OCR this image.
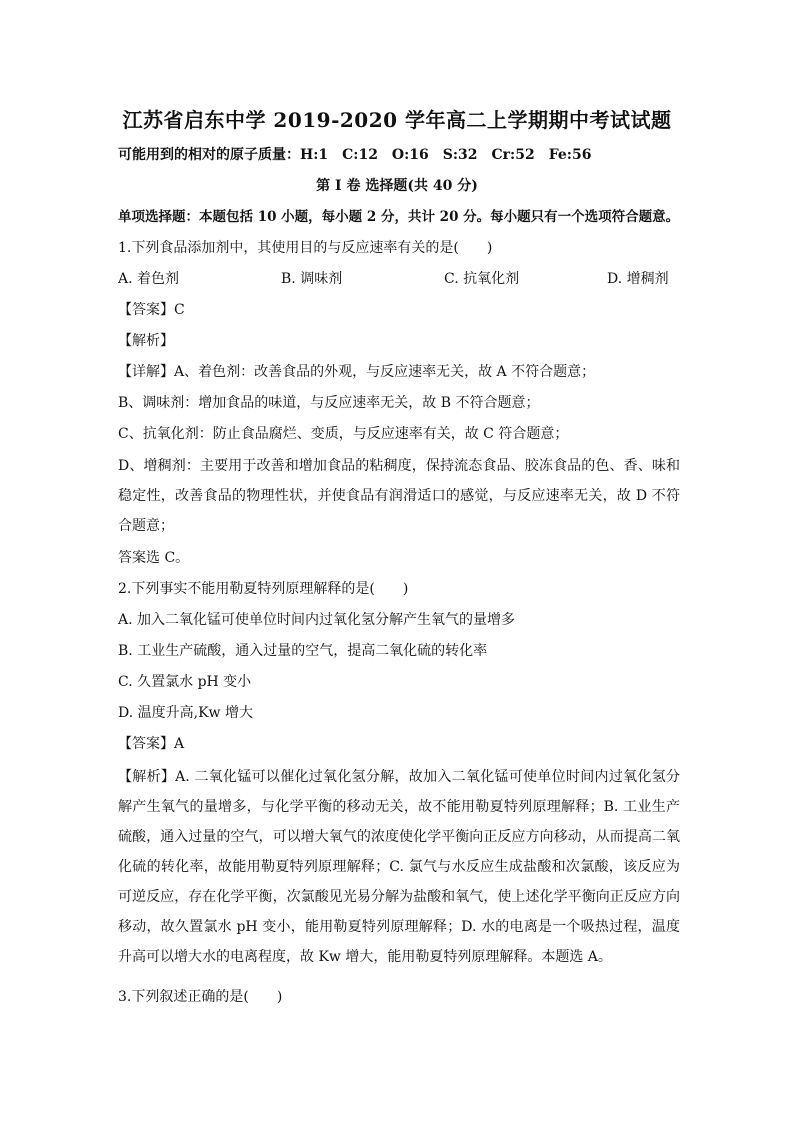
江苏省启东中学 2019-2020 学年高二上学期期中考试试题
可能用到的相对的原子质量：H:1　C:12　O:16　S:32　Cr:52　Fe:56
第 I 卷 选择题(共 40 分)
单项选择题：本题包括 10 小题，每小题 2 分，共计 20 分。每小题只有一个选项符合题意。
1.下列食品添加剂中，其使用目的与反应速率有关的是(　　)
A. 着色剂	B. 调味剂	C. 抗氧化剂	D. 增稠剂
【答案】C
【解析】
【详解】A、着色剂：改善食品的外观，与反应速率无关，故 A 不符合题意；
B、调味剂：增加食品的味道，与反应速率无关，故 B 不符合题意；
C、抗氧化剂：防止食品腐烂、变质，与反应速率有关，故 C 符合题意；
D、增稠剂：主要用于改善和增加食品的粘稠度，保持流态食品、胶冻食品的色、香、味和稳定性，改善食品的物理性状，并使食品有润滑适口的感觉，与反应速率无关，故 D 不符合题意；
答案选 C。
2.下列事实不能用勒夏特列原理解释的是(　　)
A. 加入二氧化锰可使单位时间内过氧化氢分解产生氧气的量增多
B. 工业生产硫酸，通入过量的空气，提高二氧化硫的转化率
C. 久置氯水 pH 变小
D. 温度升高,Kw 增大
【答案】A
【解析】A. 二氧化锰可以催化过氧化氢分解，故加入二氧化锰可使单位时间内过氧化氢分解产生氧气的量增多，与化学平衡的移动无关，故不能用勒夏特列原理解释；B. 工业生产硫酸，通入过量的空气，可以增大氧气的浓度使化学平衡向正反应方向移动，从而提高二氧化硫的转化率，故能用勒夏特列原理解释；C. 氯气与水反应生成盐酸和次氯酸，该反应为可逆反应，存在化学平衡，次氯酸见光易分解为盐酸和氧气，使上述化学平衡向正反应方向移动，故久置氯水 pH 变小，能用勒夏特列原理解释；D. 水的电离是一个吸热过程，温度升高可以增大水的电离程度，故 Kw 增大，能用勒夏特列原理解释。本题选 A。
3.下列叙述正确的是(　　)
